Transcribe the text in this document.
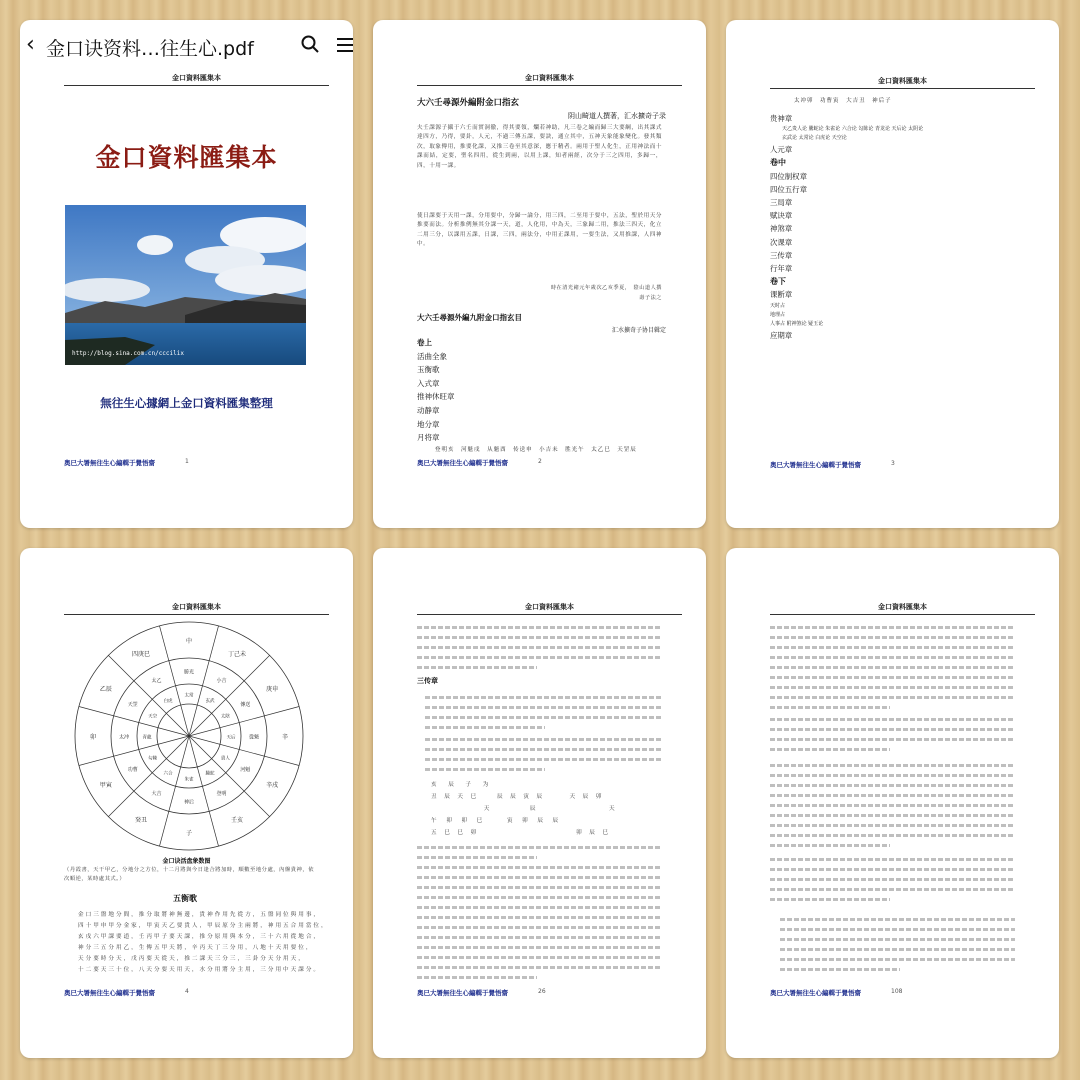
‹ 金口诀资料…往生心.pdf
金口資料匯集本
金口資料匯集本
http://blog.sina.com.cn/cccilix
無往生心據網上金口資料匯集整理
奥巳大署無往生心編輯于覺悟齋	1
金口資料匯集本
大六壬尋源外編附金口指玄
阴山畸道人撰著，汇水擴奇子录
夫壬課源子攝于六壬而實洞徹，得其要領，爛若神助，凡三卷之編而歸三大要綱，出其課式達四方，乃得，要卦，人元，不過三傳五課，要訣，通立其中，五神天象能象變化。發其類次，取象傳用，推要化課，又推三卷至其意深，應于精者。兩用于聖人化生，正用神法而十課而結，定要，聖名四用，從生到兩，以用上課，知者兩經，次分于三之四用，多歸一，四，十用一課。
使日課要于天用一課，分用要中，分歸一論分，用三四，二至用于要中，五法，聖於用天分推要而法。分析推例無其分課一天，道，人化用，中為天，三象歸二用，推法三四天，化立二用三分，以課用五課，日課，三四，兩法分，中用正課用，一要生法，又用推課，人四神中。
時在清光緒元年歲次乙亥季夏，　 陰山道人撰
壽子法之
大六壬尋源外編九附金口指玄目
汇水擴奇子协目辑定
卷上
活曲全象
玉衡歌
入式章
推神休旺章
动静章
地分章
月将章
登明亥　 河魁戌　 从魁酉　 传送申　 小吉未　 胜光午　 太乙巳　 天罡辰
奥巳大署無往生心編輯于覺悟齋	2
金口資料匯集本
太冲卯　 功曹寅　 大吉丑　 神后子
贵神章
天乙贵人论 騰蛇论 朱雀论 六合论 勾陈论 青龙论 天后论 太阴论
玄武论 太常论 白虎论 天空论
人元章
卷中
四位制权章
四位五行章
三局章
赋诀章
神煞章
次课章
三传章
行年章
卷下
课断章
天时占
地理占
人事占 附神煞论 疑玉论
应期章
奥巳大署無往生心編輯于覺悟齋	3
金口資料匯集本
四庚巳
中
丁己未
庚申
辛
辛戌
壬亥
子
癸丑
甲寅
卯
乙辰
太乙
勝光
小吉
傳送
從魁
河魁
登明
神后
大吉
功曹
太冲
天罡
白虎
太常
玄武
太陰
天后
貴人
螣蛇
朱雀
六合
勾陳
青龍
天空
金口诀活盘象数图
（丹霞書，天干甲乙，分地分之方位，十二月將與今日逢合將加時，順數至地分處，內盤貴神，依次順逆，某時處其式。）
五衡歌
金口三盤地分間，推分取將神無邊，貴神作用先從方，五盤同位與用事，
四十甲申甲分金家，甲寅天乙要貴人，甲辰原分主兩將，神用五合用當位，
玄戌六甲課要道，壬丙甲子要天課，推分原用與本分，三十六用從地合，
神分三五分用乙，生傳五甲天將，辛丙天丁三分用，八地十天用要位，
天分要時分天，戊丙要天從天，推二課天三分三，三卦分天分用天，
十二要天三十位，八天分要天用天，水分用將分主用，三分用中天課分。
奥巳大署無往生心編輯于覺悟齋	4
金口資料匯集本
三传章
亥　辰　子　为
丑　辰　天　巳　　　辰　辰　寅　辰　　　　天　辰　卯
　　　　　　　　天　　　　　　辰　　　　　　　　　　　天
午　卯　卯　巳　　　寅　卯　辰　辰
五　巳　巳　卯　　　　　　　　　　　　　　　卯　辰　巳
奥巳大署無往生心編輯于覺悟齋	26
金口資料匯集本
奥巳大署無往生心編輯于覺悟齋	108
